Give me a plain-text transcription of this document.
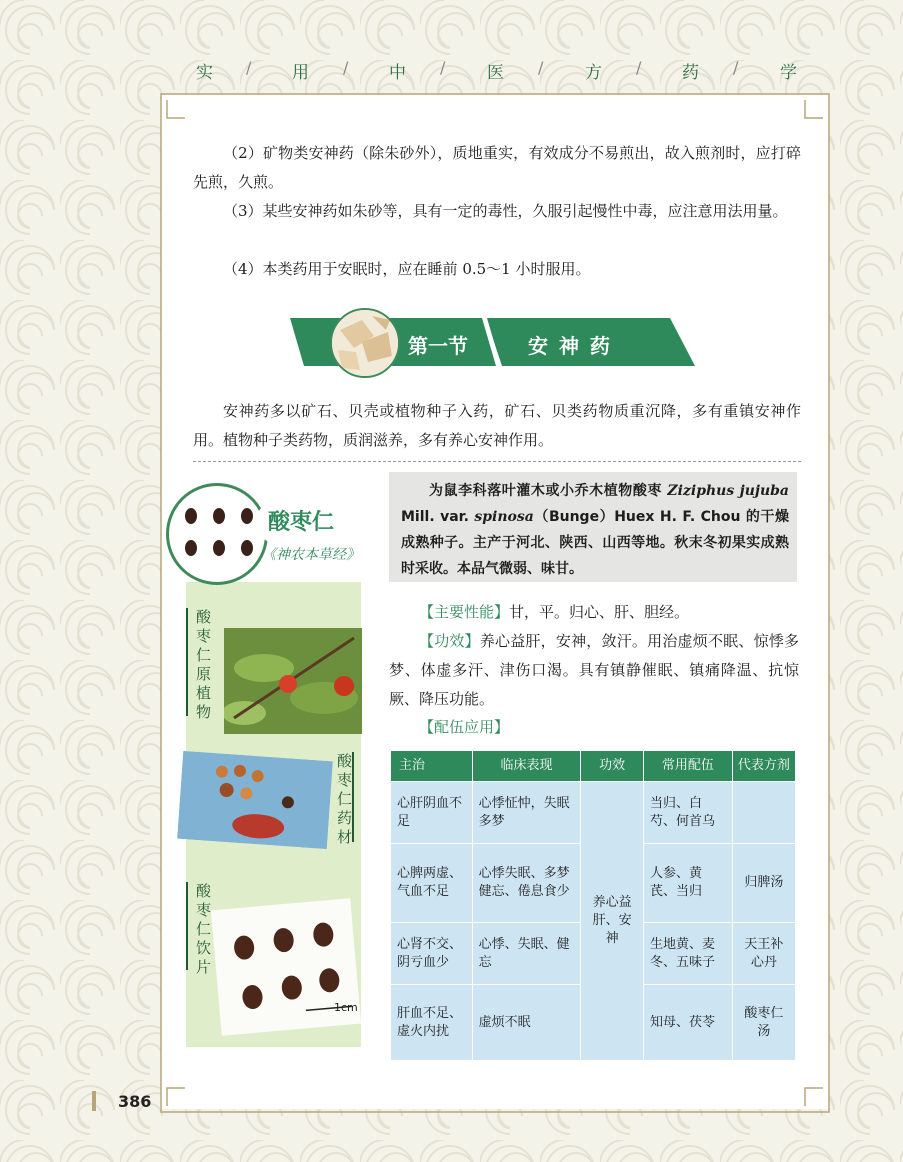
实 / 用 / 中 / 医 / 方 / 药 / 学
（2）矿物类安神药（除朱砂外），质地重实，有效成分不易煎出，故入煎剂时，应打碎先煎，久煎。
（3）某些安神药如朱砂等，具有一定的毒性，久服引起慢性中毒，应注意用法用量。
（4）本类药用于安眠时，应在睡前 0.5～1 小时服用。
第一节	安 神 药
安神药多以矿石、贝壳或植物种子入药，矿石、贝类药物质重沉降，多有重镇安神作用。植物种子类药物，质润滋养，多有养心安神作用。
酸枣仁
《神农本草经》
酸枣仁原植物
酸枣仁药材
酸枣仁饮片
1cm
为鼠李科落叶灌木或小乔木植物酸枣 Ziziphus jujuba Mill. var. spinosa（Bunge）Huex H. F. Chou 的干燥成熟种子。主产于河北、陕西、山西等地。秋末冬初果实成熟时采收。本品气微弱、味甘。
【主要性能】甘，平。归心、肝、胆经。
【功效】养心益肝，安神，敛汗。用治虚烦不眠、惊悸多梦、体虚多汗、津伤口渴。具有镇静催眠、镇痛降温、抗惊厥、降压功能。
【配伍应用】
主治	临床表现	功效	常用配伍	代表方剂
心肝阴血不足	心悸怔忡，失眠多梦	养心益肝、安神	当归、白芍、何首乌	
心脾两虚、气血不足	心悸失眠、多梦健忘、倦息食少		人参、黄芪、当归	归脾汤
心肾不交、阴亏血少	心悸、失眠、健忘		生地黄、麦冬、五味子	天王补心丹
肝血不足、虚火内扰	虚烦不眠		知母、茯苓	酸枣仁汤
386
